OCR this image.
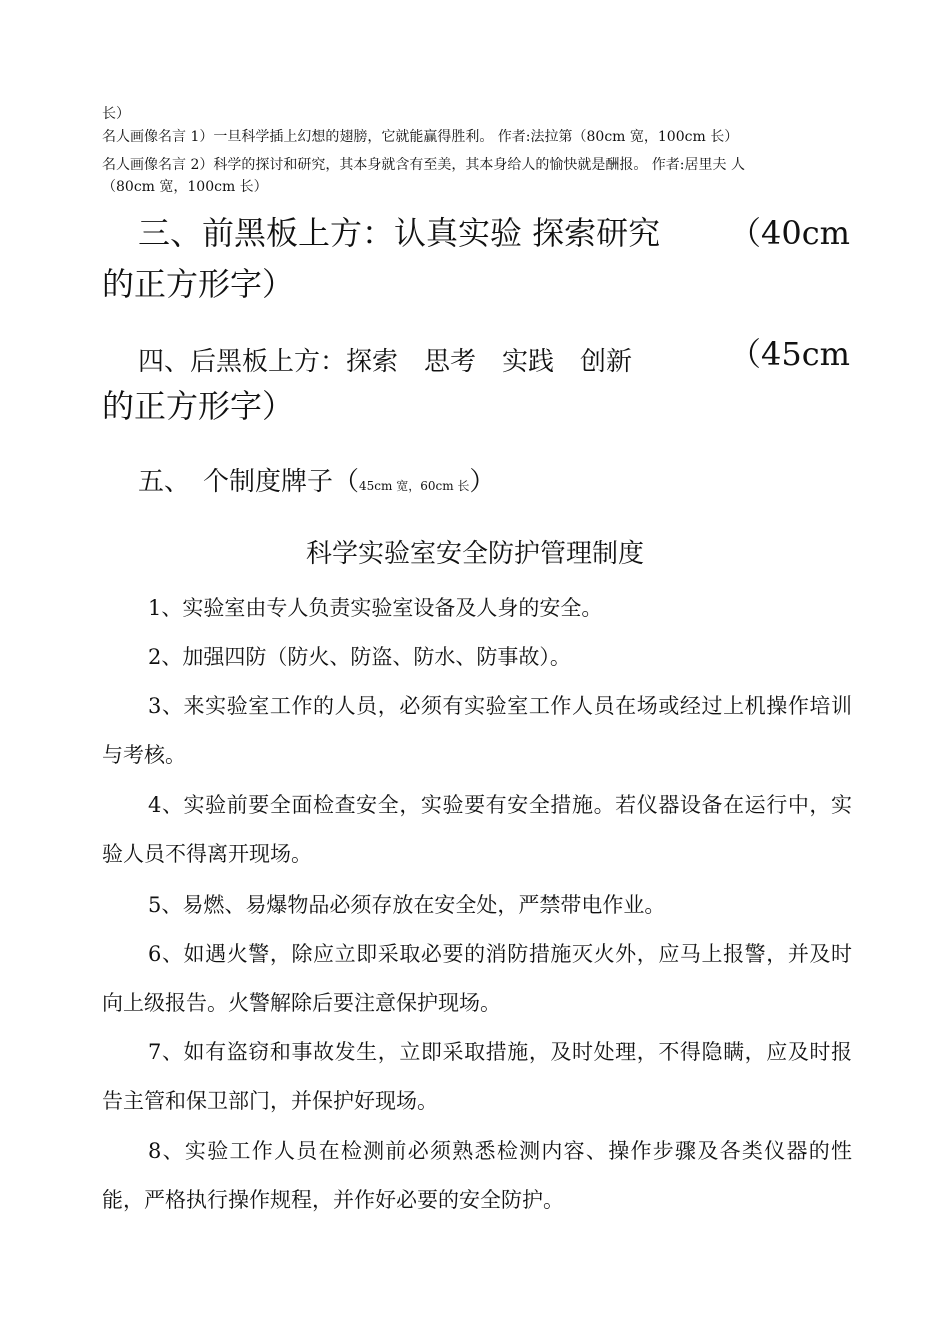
长）
名人画像名言 1）一旦科学插上幻想的翅膀，它就能赢得胜利。 作者:法拉第（80cm 宽，100cm 长）
名人画像名言 2）科学的探讨和研究，其本身就含有至美，其本身给人的愉快就是酬报。 作者:居里夫 人
（80cm 宽，100cm 长）
三、前黑板上方：认真实验 探索研究	（40cm
的正方形字）
四、后黑板上方：探索　思考　实践　创新	（45cm
的正方形字）
五、　个制度牌子（45cm 宽，60cm 长）
科学实验室安全防护管理制度
1、实验室由专人负责实验室设备及人身的安全。
2、加强四防（防火、防盗、防水、防事故）。
3、来实验室工作的人员，必须有实验室工作人员在场或经过上机操作培训与考核。
4、实验前要全面检查安全，实验要有安全措施。若仪器设备在运行中，实验人员不得离开现场。
5、易燃、易爆物品必须存放在安全处，严禁带电作业。
6、如遇火警，除应立即采取必要的消防措施灭火外，应马上报警，并及时向上级报告。火警解除后要注意保护现场。
7、如有盗窃和事故发生，立即采取措施，及时处理，不得隐瞒，应及时报告主管和保卫部门，并保护好现场。
8、实验工作人员在检测前必须熟悉检测内容、操作步骤及各类仪器的性能，严格执行操作规程，并作好必要的安全防护。
